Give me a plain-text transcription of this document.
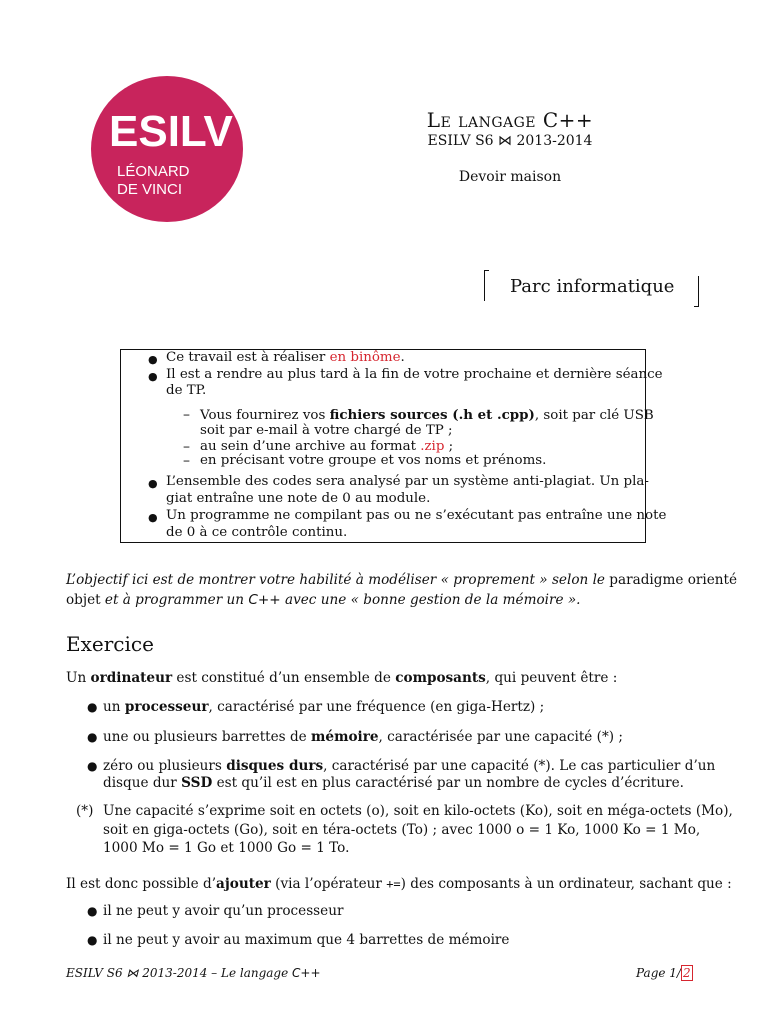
ESILV
LÉONARD
DE VINCI
Le langage C++
ESILV S6 ⋈ 2013-2014
Devoir maison
Parc informatique
● Ce travail est à réaliser en binôme.
● Il est a rendre au plus tard à la fin de votre prochaine et dernière séance
de TP.
– Vous fournirez vos fichiers sources (.h et .cpp), soit par clé USB
soit par e-mail à votre chargé de TP ;
– au sein d’une archive au format .zip ;
– en précisant votre groupe et vos noms et prénoms.
● L’ensemble des codes sera analysé par un système anti-plagiat. Un pla-
giat entraîne une note de 0 au module.
● Un programme ne compilant pas ou ne s’exécutant pas entraîne une note
de 0 à ce contrôle continu.
L’objectif ici est de montrer votre habilité à modéliser « proprement » selon le paradigme orienté
objet et à programmer un C++ avec une « bonne gestion de la mémoire ».
Exercice
Un ordinateur est constitué d’un ensemble de composants, qui peuvent être :
● un processeur, caractérisé par une fréquence (en giga-Hertz) ;
● une ou plusieurs barrettes de mémoire, caractérisée par une capacité (*) ;
● zéro ou plusieurs disques durs, caractérisé par une capacité (*). Le cas particulier d’un
disque dur SSD est qu’il est en plus caractérisé par un nombre de cycles d’écriture.
(*) Une capacité s’exprime soit en octets (o), soit en kilo-octets (Ko), soit en méga-octets (Mo),
soit en giga-octets (Go), soit en téra-octets (To) ; avec 1000 o = 1 Ko, 1000 Ko = 1 Mo,
1000 Mo = 1 Go et 1000 Go = 1 To.
Il est donc possible d’ajouter (via l’opérateur +=) des composants à un ordinateur, sachant que :
● il ne peut y avoir qu’un processeur
● il ne peut y avoir au maximum que 4 barrettes de mémoire
ESILV S6 ⋈ 2013-2014 – Le langage C++	Page 1/ 2
